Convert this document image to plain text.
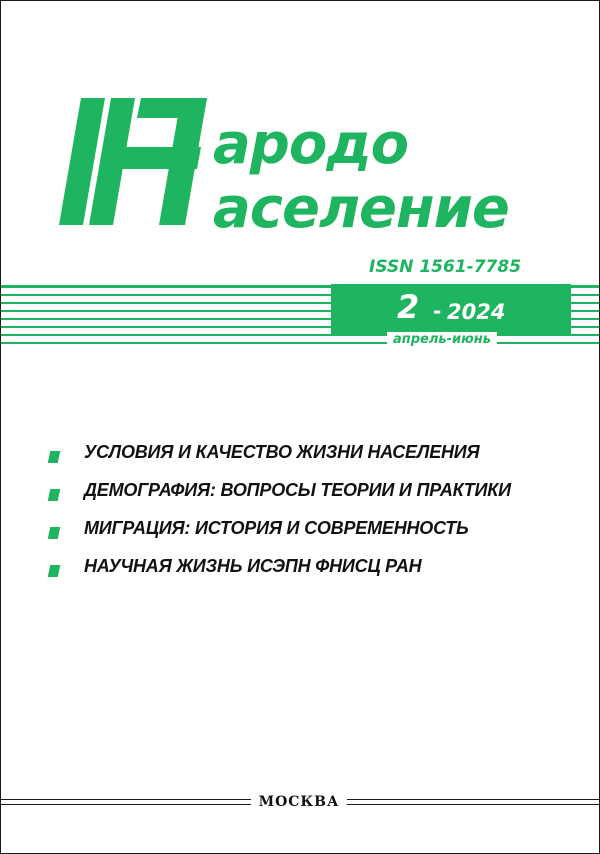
ародо
аселение
ISSN 1561-7785
2 - 2024
апрель-июнь
УСЛОВИЯ И КАЧЕСТВО ЖИЗНИ НАСЕЛЕНИЯ
ДЕМОГРАФИЯ: ВОПРОСЫ ТЕОРИИ И ПРАКТИКИ
МИГРАЦИЯ: ИСТОРИЯ И СОВРЕМЕННОСТЬ
НАУЧНАЯ ЖИЗНЬ ИСЭПН ФНИСЦ РАН
МОСКВА
